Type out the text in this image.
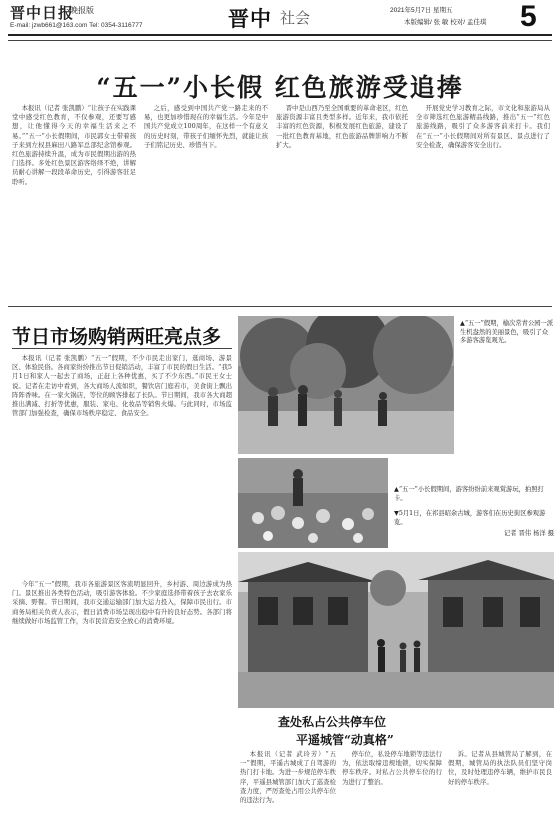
晋中日报
晚报版
E-mail: jzwb661@163.com Tel: 0354-3116777	晋中 社会	2021年5月7日 星期五
本版编辑/ 张 敏 校对/ 孟佳琪 5
“五一”小长假 红色旅游受追捧

本报讯（记者 张凯鹏）“让孩子在实践课堂中感受红色教育，不仅参观，还要写感想，让他懂得今天的幸福生活来之不易。”“五一”小长假期间，市民郭女士带着孩子来到左权县麻田八路军总部纪念馆参观。红色旅游持续升温，成为市民假期出游的热门选择。多处红色景区游客络绎不绝，讲解员耐心讲解一段段革命历史，引得游客驻足聆听。

之后，感受到中国共产党一路走来的不易，也更加珍惜现在的幸福生活。今年是中国共产党成立100周年，在这样一个有意义的历史时刻，带孩子们缅怀先烈，就能让孩子们铭记历史、珍惜当下。

晋中是山西乃至全国重要的革命老区，红色旅游资源丰富且类型多样。近年来，我市依托丰富的红色资源，积极发展红色旅游，建设了一批红色教育基地，红色旅游品牌影响力不断扩大。

开展党史学习教育之际，市文化和旅游局从全市筛选红色旅游精品线路，推出“五一”红色旅游线路，吸引了众多游客前来打卡。我们在“五一”小长假期间对所有景区、景点进行了安全检查，确保游客安全出行。

节日市场购销两旺亮点多

本报讯（记者 张凯鹏）“五一”假期，不少市民走出家门，逛商场、游景区、体验民俗。各商家纷纷推出节日促销活动，丰富了市民的假日生活。“我5月1日和家人一起去了商场，正赶上各种优惠，买了不少东西。”市民王女士说。记者在走访中看到，各大商场人流如织，餐饮店门庭若市，美食街上飘出阵阵香味。在一家火锅店，等位的顾客排起了长队。节日期间，我市各大商超推出满减、打折等优惠，服装、家电、化妆品等销售火爆。与此同时，市场监管部门加强检查，确保市场秩序稳定、食品安全。

今年“五一”假期，我市各旅游景区客流明显回升，乡村游、周边游成为热门。景区推出各类特色活动，吸引游客体验。不少家庭选择带着孩子去农家乐采摘、野餐。节日期间，我市交通运输部门加大运力投入，保障市民出行。市商务局相关负责人表示，假日消费市场呈现出稳中有升的良好态势。各部门将继续做好市场监管工作，为市民营造安全放心的消费环境。

▲“五一”假期，榆次常青公园一派生机盎然的美丽景色，吸引了众多游客游览观光。
▲“五一”小长假期间，游客纷纷前来观赏游玩，拍照打卡。
▼5月1日，在祁县昭余古城，游客们在历史街区参观游览。
记者 晋伟 杨洋 摄
查处私占公共停车位
平遥城管“动真格”

本报讯（记者 武玲芳）“五一”假期，平遥古城成了自驾游的热门打卡地。为进一步规范停车秩序，平遥县城管部门加大了巡查检查力度，严厉查处占用公共停车位的违法行为。

停车位，私设停车地锁等违法行为，依法取缔违规地锁，切实保障停车秩序。对私占公共停车位的行为进行了整治。

诉。记者从县城管局了解到，在假期，城管局的执法队员们坚守岗位，及时处理违停车辆，维护市民良好的停车秩序。
